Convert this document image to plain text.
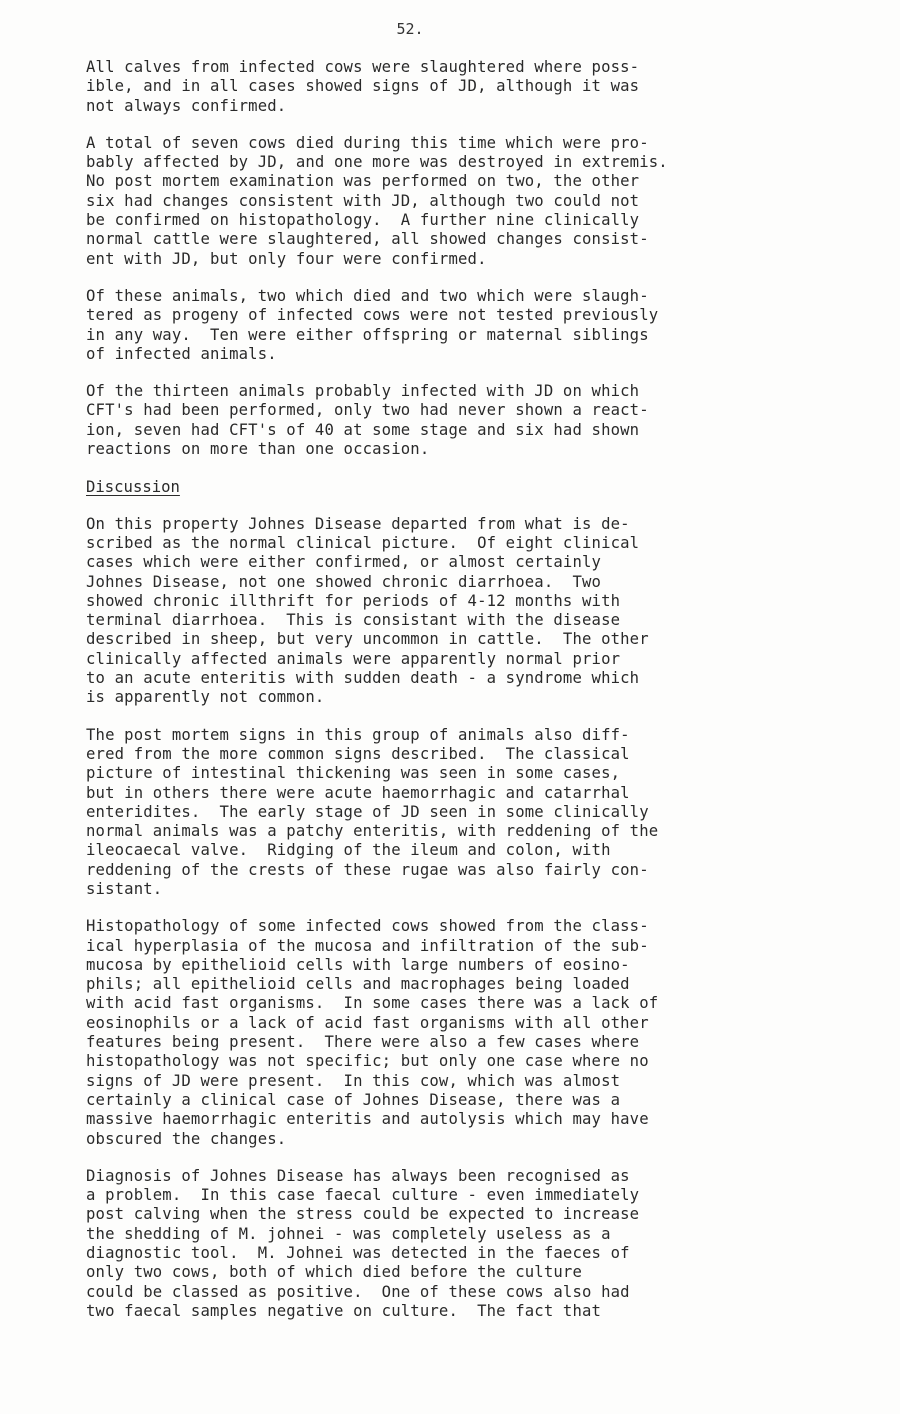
52.

All calves from infected cows were slaughtered where poss-
ible, and in all cases showed signs of JD, although it was
not always confirmed.

A total of seven cows died during this time which were pro-
bably affected by JD, and one more was destroyed in extremis.
No post mortem examination was performed on two, the other
six had changes consistent with JD, although two could not
be confirmed on histopathology.  A further nine clinically
normal cattle were slaughtered, all showed changes consist-
ent with JD, but only four were confirmed.

Of these animals, two which died and two which were slaugh-
tered as progeny of infected cows were not tested previously
in any way.  Ten were either offspring or maternal siblings
of infected animals.

Of the thirteen animals probably infected with JD on which
CFT's had been performed, only two had never shown a react-
ion, seven had CFT's of 40 at some stage and six had shown
reactions on more than one occasion.

Discussion

On this property Johnes Disease departed from what is de-
scribed as the normal clinical picture.  Of eight clinical
cases which were either confirmed, or almost certainly
Johnes Disease, not one showed chronic diarrhoea.  Two
showed chronic illthrift for periods of 4-12 months with
terminal diarrhoea.  This is consistant with the disease
described in sheep, but very uncommon in cattle.  The other
clinically affected animals were apparently normal prior
to an acute enteritis with sudden death - a syndrome which
is apparently not common.

The post mortem signs in this group of animals also diff-
ered from the more common signs described.  The classical
picture of intestinal thickening was seen in some cases,
but in others there were acute haemorrhagic and catarrhal
enteridites.  The early stage of JD seen in some clinically
normal animals was a patchy enteritis, with reddening of the
ileocaecal valve.  Ridging of the ileum and colon, with
reddening of the crests of these rugae was also fairly con-
sistant.

Histopathology of some infected cows showed from the class-
ical hyperplasia of the mucosa and infiltration of the sub-
mucosa by epithelioid cells with large numbers of eosino-
phils; all epithelioid cells and macrophages being loaded
with acid fast organisms.  In some cases there was a lack of
eosinophils or a lack of acid fast organisms with all other
features being present.  There were also a few cases where
histopathology was not specific; but only one case where no
signs of JD were present.  In this cow, which was almost
certainly a clinical case of Johnes Disease, there was a
massive haemorrhagic enteritis and autolysis which may have
obscured the changes.

Diagnosis of Johnes Disease has always been recognised as
a problem.  In this case faecal culture - even immediately
post calving when the stress could be expected to increase
the shedding of M. johnei - was completely useless as a
diagnostic tool.  M. Johnei was detected in the faeces of
only two cows, both of which died before the culture
could be classed as positive.  One of these cows also had
two faecal samples negative on culture.  The fact that
